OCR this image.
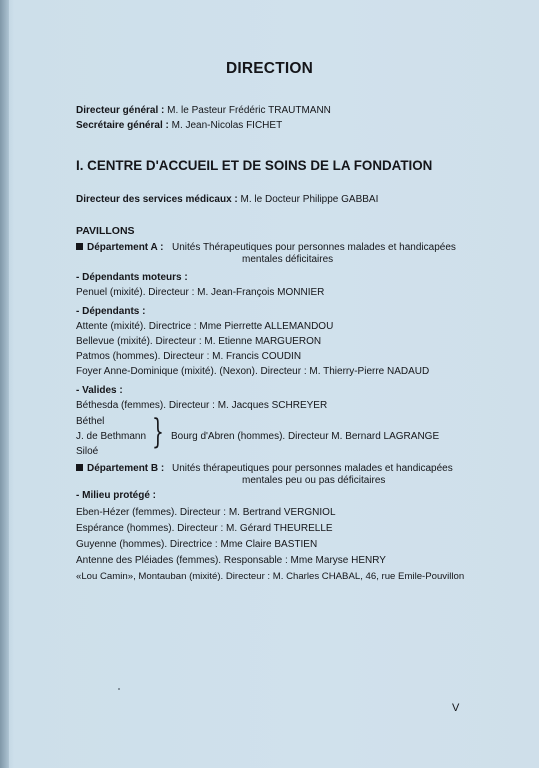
DIRECTION
Directeur général : M. le Pasteur Frédéric TRAUTMANN
Secrétaire général : M. Jean-Nicolas FICHET
I. CENTRE D'ACCUEIL ET DE SOINS DE LA FONDATION
Directeur des services médicaux : M. le Docteur Philippe GABBAI
PAVILLONS
Département A : Unités Thérapeutiques pour personnes malades et handicapées
mentales déficitaires
- Dépendants moteurs :
Penuel (mixité). Directeur : M. Jean-François MONNIER
- Dépendants :
Attente (mixité). Directrice : Mme Pierrette ALLEMANDOU
Bellevue (mixité). Directeur : M. Etienne MARGUERON
Patmos (hommes). Directeur : M. Francis COUDIN
Foyer Anne-Dominique (mixité). (Nexon). Directeur : M. Thierry-Pierre NADAUD
- Valides :
Béthesda (femmes). Directeur : M. Jacques SCHREYER
Béthel
J. de Bethmann
Siloé } Bourg d'Abren (hommes). Directeur M. Bernard LAGRANGE
Département B : Unités thérapeutiques pour personnes malades et handicapées
mentales peu ou pas déficitaires
- Milieu protégé :
Eben-Hézer (femmes). Directeur : M. Bertrand VERGNIOL
Espérance (hommes). Directeur : M. Gérard THEURELLE
Guyenne (hommes). Directrice : Mme Claire BASTIEN
Antenne des Pléiades (femmes). Responsable : Mme Maryse HENRY
«Lou Camin», Montauban (mixité). Directeur : M. Charles CHABAL, 46, rue Emile-Pouvillon
V
